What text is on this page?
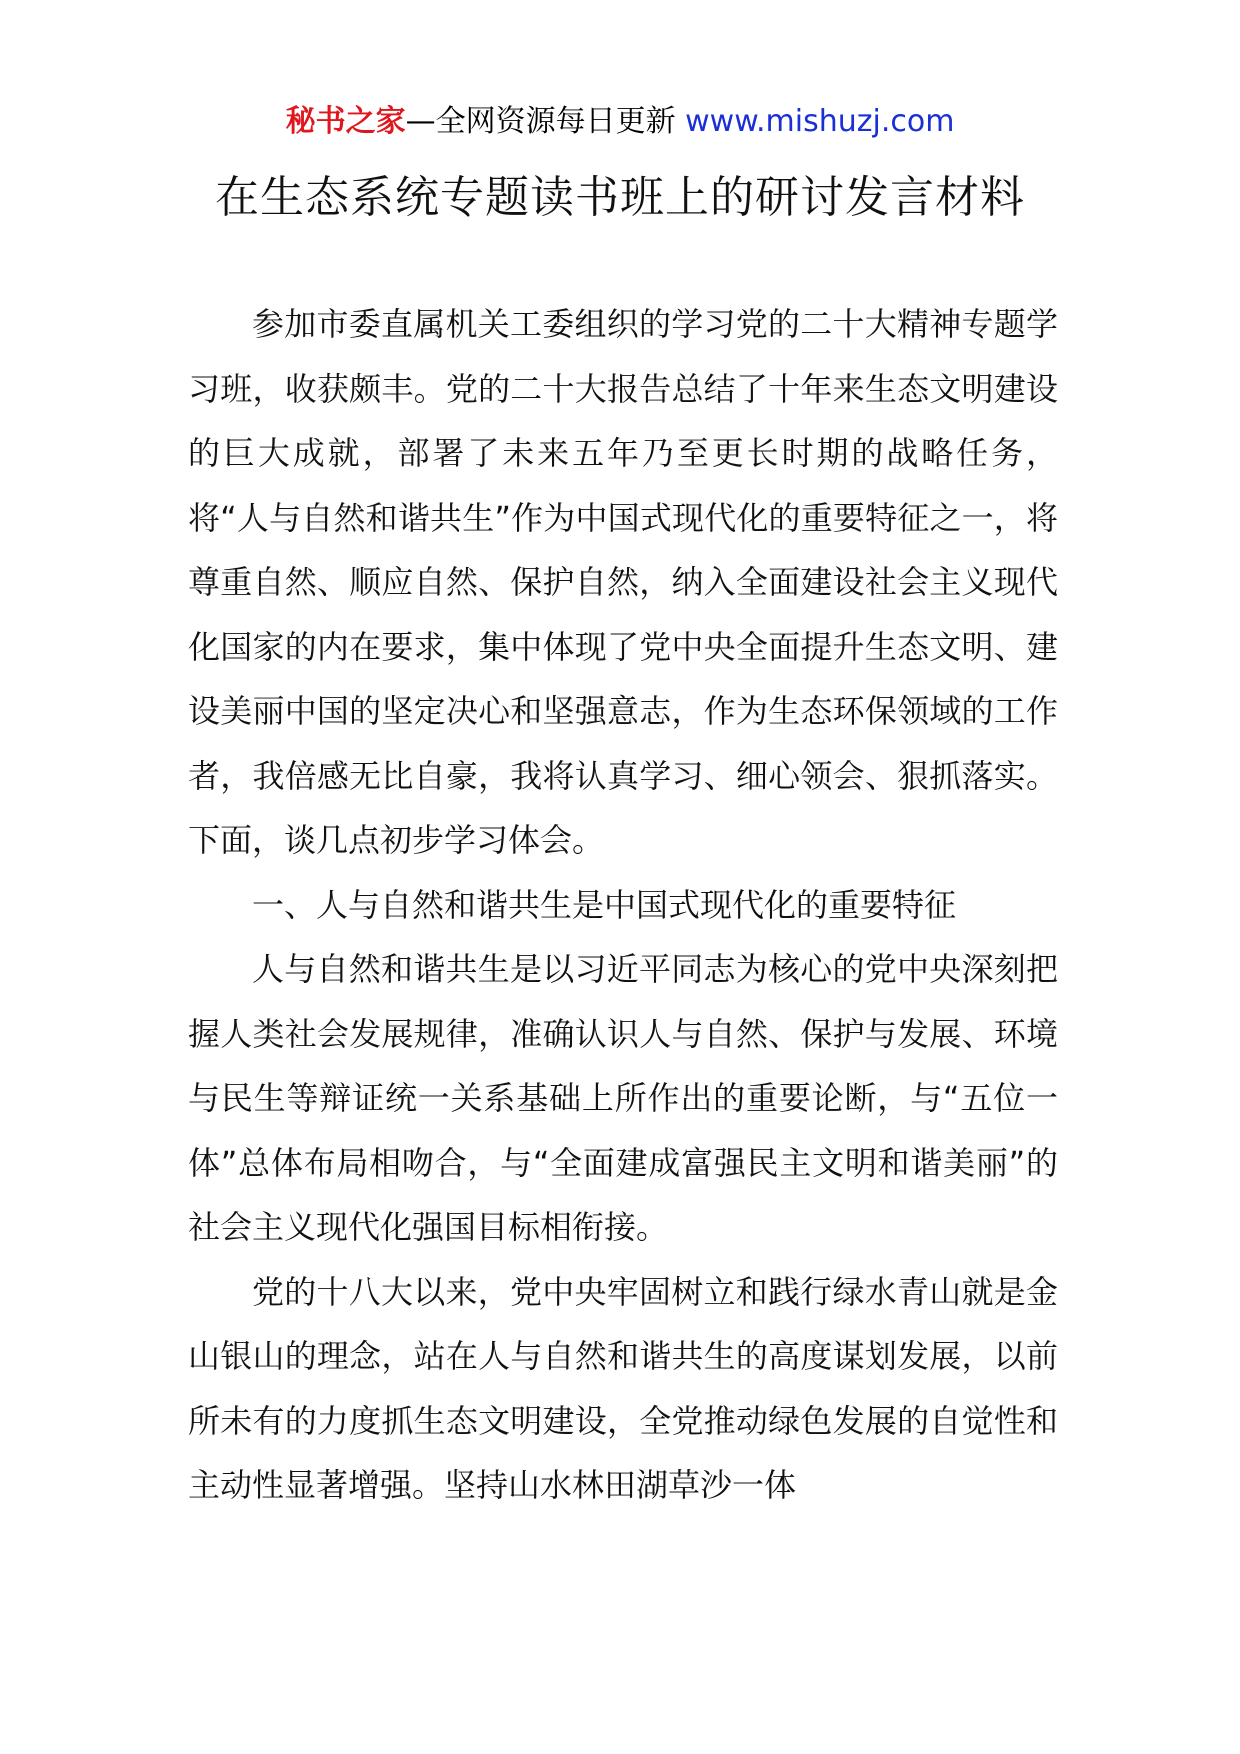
秘书之家—全网资源每日更新 www.mishuzj.com
在生态系统专题读书班上的研讨发言材料

参加市委直属机关工委组织的学习党的二十大精神专题学习班，收获颇丰。党的二十大报告总结了十年来生态文明建设的巨大成就，部署了未来五年乃至更长时期的战略任务，将“人与自然和谐共生”作为中国式现代化的重要特征之一，将尊重自然、顺应自然、保护自然，纳入全面建设社会主义现代化国家的内在要求，集中体现了党中央全面提升生态文明、建设美丽中国的坚定决心和坚强意志，作为生态环保领域的工作者，我倍感无比自豪，我将认真学习、细心领会、狠抓落实。下面，谈几点初步学习体会。

一、人与自然和谐共生是中国式现代化的重要特征

人与自然和谐共生是以习近平同志为核心的党中央深刻把握人类社会发展规律，准确认识人与自然、保护与发展、环境与民生等辩证统一关系基础上所作出的重要论断，与“五位一体”总体布局相吻合，与“全面建成富强民主文明和谐美丽”的社会主义现代化强国目标相衔接。

党的十八大以来，党中央牢固树立和践行绿水青山就是金山银山的理念，站在人与自然和谐共生的高度谋划发展，以前所未有的力度抓生态文明建设，全党推动绿色发展的自觉性和主动性显著增强。坚持山水林田湖草沙一体
